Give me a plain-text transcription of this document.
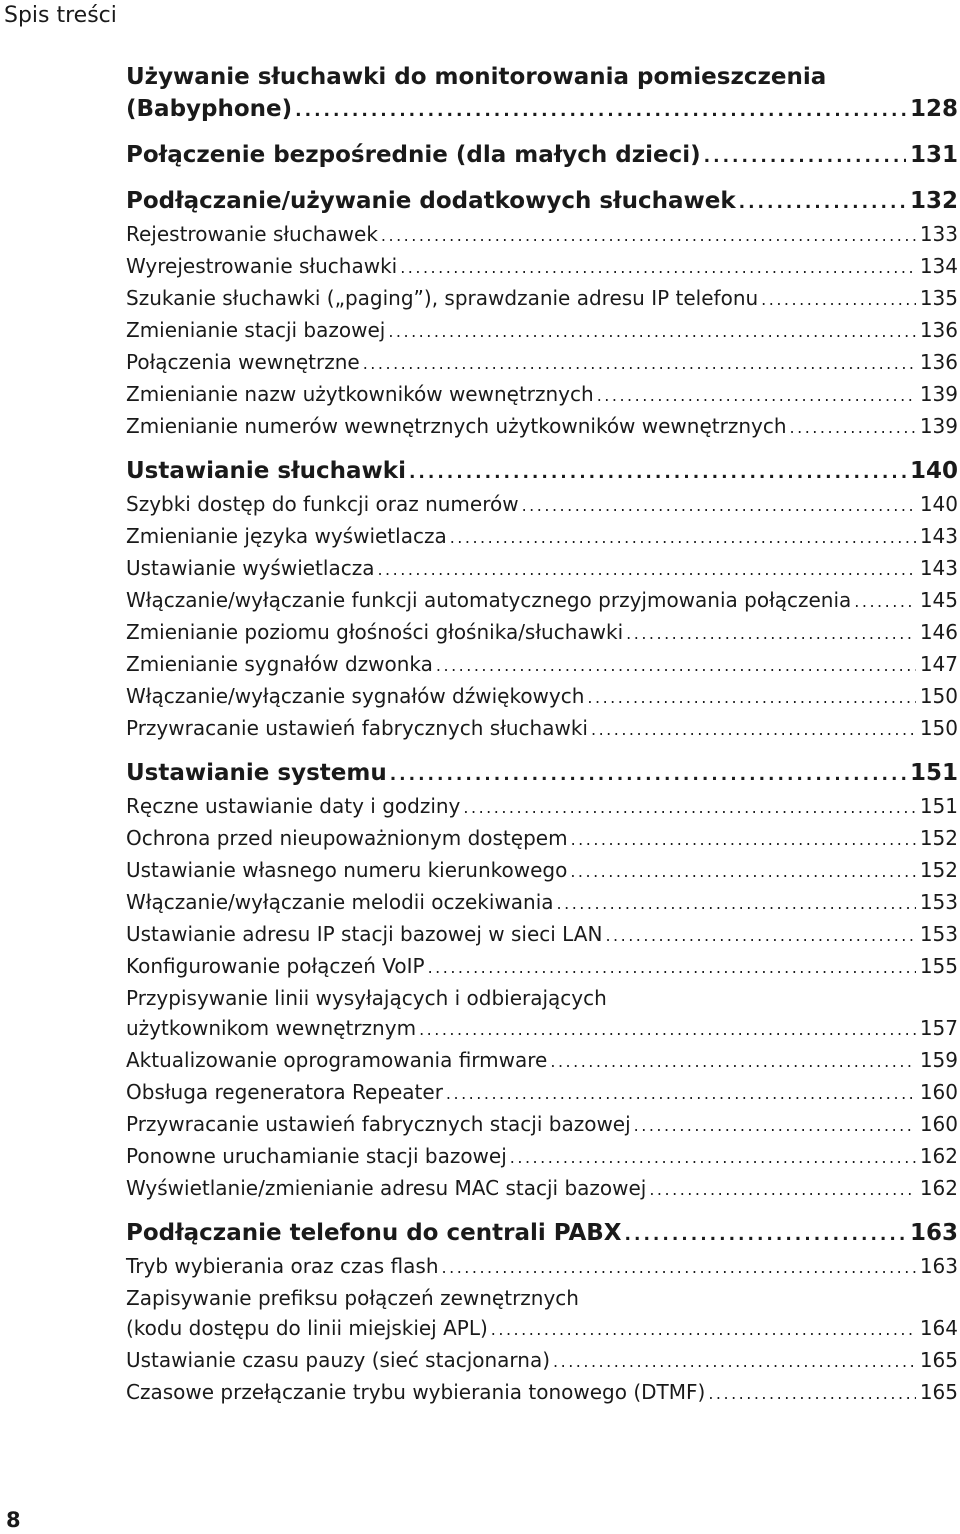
Spis treści
Używanie słuchawki do monitorowania pomieszczenia
(Babyphone) .....	128
Połączenie bezpośrednie (dla małych dzieci) .....	131
Podłączanie/używanie dodatkowych słuchawek .....	132
Rejestrowanie słuchawek .....	133
Wyrejestrowanie słuchawki .....	134
Szukanie słuchawki („paging”), sprawdzanie adresu IP telefonu .....	135
Zmienianie stacji bazowej .....	136
Połączenia wewnętrzne .....	136
Zmienianie nazw użytkowników wewnętrznych .....	139
Zmienianie numerów wewnętrznych użytkowników wewnętrznych .....	139
Ustawianie słuchawki .....	140
Szybki dostęp do funkcji oraz numerów .....	140
Zmienianie języka wyświetlacza .....	143
Ustawianie wyświetlacza .....	143
Włączanie/wyłączanie funkcji automatycznego przyjmowania połączenia .....	145
Zmienianie poziomu głośności głośnika/słuchawki .....	146
Zmienianie sygnałów dzwonka .....	147
Włączanie/wyłączanie sygnałów dźwiękowych .....	150
Przywracanie ustawień fabrycznych słuchawki .....	150
Ustawianie systemu .....	151
Ręczne ustawianie daty i godziny .....	151
Ochrona przed nieupoważnionym dostępem .....	152
Ustawianie własnego numeru kierunkowego .....	152
Włączanie/wyłączanie melodii oczekiwania .....	153
Ustawianie adresu IP stacji bazowej w sieci LAN .....	153
Konfigurowanie połączeń VoIP .....	155
Przypisywanie linii wysyłających i odbierających
użytkownikom wewnętrznym .....	157
Aktualizowanie oprogramowania firmware .....	159
Obsługa regeneratora Repeater .....	160
Przywracanie ustawień fabrycznych stacji bazowej .....	160
Ponowne uruchamianie stacji bazowej .....	162
Wyświetlanie/zmienianie adresu MAC stacji bazowej .....	162
Podłączanie telefonu do centrali PABX .....	163
Tryb wybierania oraz czas flash .....	163
Zapisywanie prefiksu połączeń zewnętrznych
(kodu dostępu do linii miejskiej APL) .....	164
Ustawianie czasu pauzy (sieć stacjonarna) .....	165
Czasowe przełączanie trybu wybierania tonowego (DTMF) .....	165
8
